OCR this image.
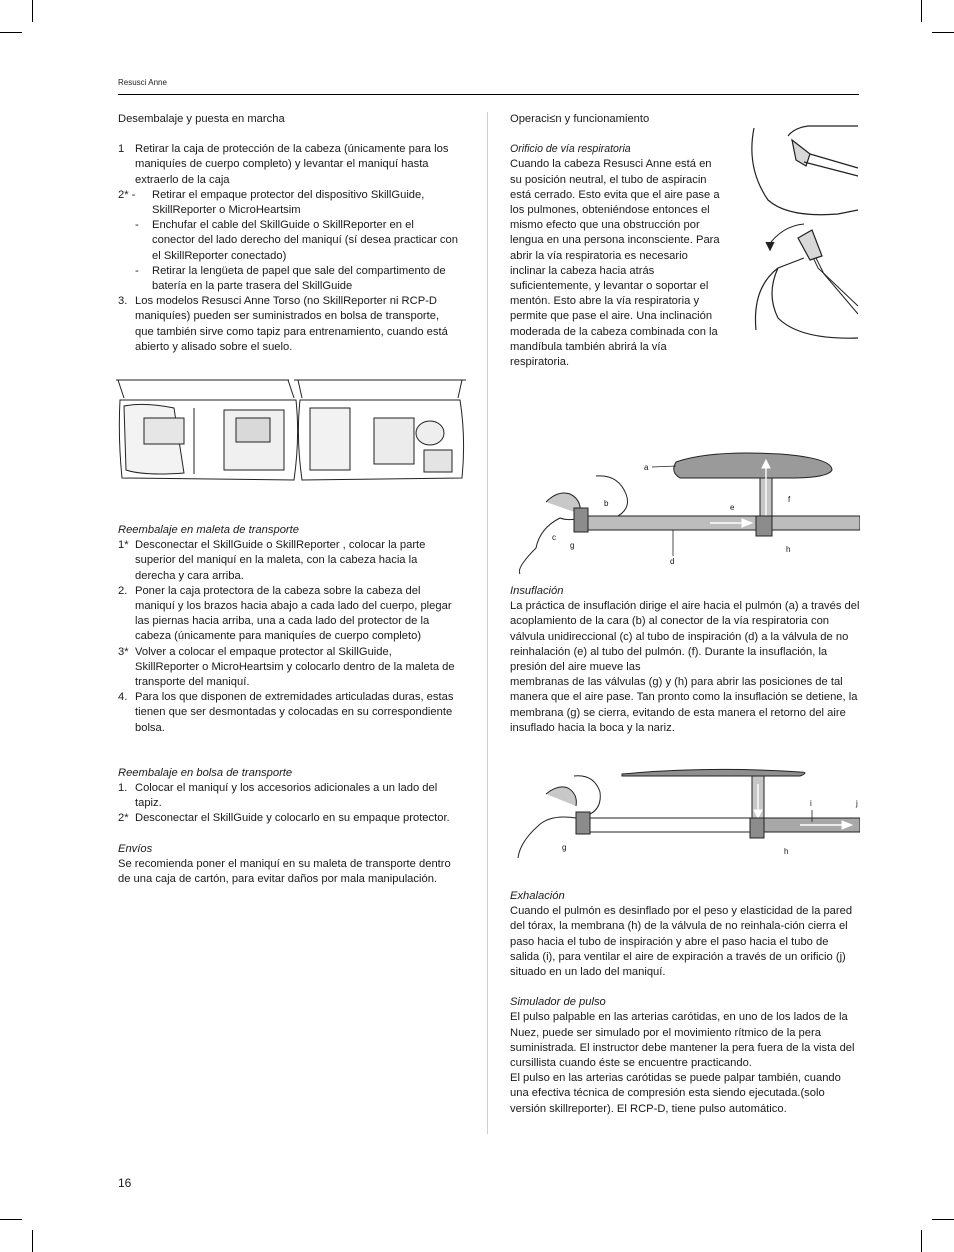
Resusci Anne

Desembalaje y puesta en marcha

1 Retirar la caja de protección de la cabeza (únicamente para los maniquíes de cuerpo completo) y levantar el maniquí hasta extraerlo de la caja
2* -	Retirar el empaque protector del dispositivo SkillGuide, SkillReporter o MicroHeartsim
-	Enchufar el cable del SkillGuide o SkillReporter en el conector del lado derecho del maniquí (sí desea practicar con el SkillReporter conectado)
-	Retirar la lengüeta de papel que sale del compartimento de batería en la parte trasera del SkillGuide
3. Los modelos Resusci Anne Torso (no SkillReporter ni RCP-D maniquíes) pueden ser suministrados en bolsa de transporte, que también sirve como tapiz para entrenamiento, cuando está abierto y alisado sobre el suelo.

Reembalaje en maleta de transporte

1* Desconectar el SkillGuide o SkillReporter , colocar la parte superior del maniquí en la maleta, con la cabeza hacia la derecha y cara arriba.
2. Poner la caja protectora de la cabeza sobre la cabeza del maniquí y los brazos hacia abajo a cada lado del cuerpo, plegar las piernas hacia arriba, una a cada lado del protector de la cabeza (únicamente para maniquíes de cuerpo completo)
3* Volver a colocar el empaque protector al SkillGuide, SkillReporter o MicroHeartsim y colocarlo dentro de la maleta de transporte del maniquí.
4. Para los que disponen de extremidades articuladas duras, estas tienen que ser desmontadas y colocadas en su correspondiente bolsa.

Reembalaje en bolsa de transporte

1. Colocar el maniquí y los accesorios adicionales a un lado del tapiz.
2* Desconectar el SkillGuide y colocarlo en su empaque protector.

Envíos

Se recomienda poner el maniquí en su maleta de transporte dentro de una caja de cartón, para evitar daños por mala manipulación.

Operaci≤n y funcionamiento

Orificio de vía respiratoria

Cuando la cabeza Resusci Anne está en su posición neutral, el tubo de aspiracin está cerrado. Esto evita que el aire pase a los pulmones, obteniéndose entonces el mismo efecto que una obstrucción por lengua en una persona inconsciente. Para abrir la vía respiratoria es necesario inclinar la cabeza hacia atrás suficientemente, y levantar o soportar el mentón. Esto abre la vía respiratoria y permite que pase el aire. Una inclinación moderada de la cabeza combinada con la mandíbula también abrirá la vía respiratoria.

a
b
c
d
e
f
g	h

Insuflación

La práctica de insuflación dirige el aire hacia el pulmón (a) a través del acoplamiento de la cara (b) al conector de la vía respiratoria con válvula unidireccional (c) al tubo de inspiración (d) a la válvula de no reinhalación (e) al tubo del pulmón. (f). Durante la insuflación, la presión del aire mueve las

membranas de las válvulas (g) y (h) para abrir las posiciones de tal manera que el aire pase. Tan pronto como la insuflación se detiene, la membrana (g) se cierra, evitando de esta manera el retorno del aire insuflado hacia la boca y la nariz.

g	h
i	j

Exhalación

Cuando el pulmón es desinflado por el peso y elasticidad de la pared del tórax, la membrana (h) de la válvula de no reinhala-ción cierra el paso hacia el tubo de inspiración y abre el paso hacia el tubo de salida (i), para ventilar el aire de expiración a través de un orificio (j) situado en un lado del maniquí.

Simulador de pulso

El pulso palpable en las arterias carótidas, en uno de los lados de la Nuez, puede ser simulado por el movimiento rítmico de la pera suministrada. El instructor debe mantener la pera fuera de la vista del cursillista cuando éste se encuentre practicando.

El pulso en las arterias carótidas se puede palpar también, cuando una efectiva técnica de compresión esta siendo ejecutada.(solo versión skillreporter). El RCP-D, tiene pulso automático.

16
